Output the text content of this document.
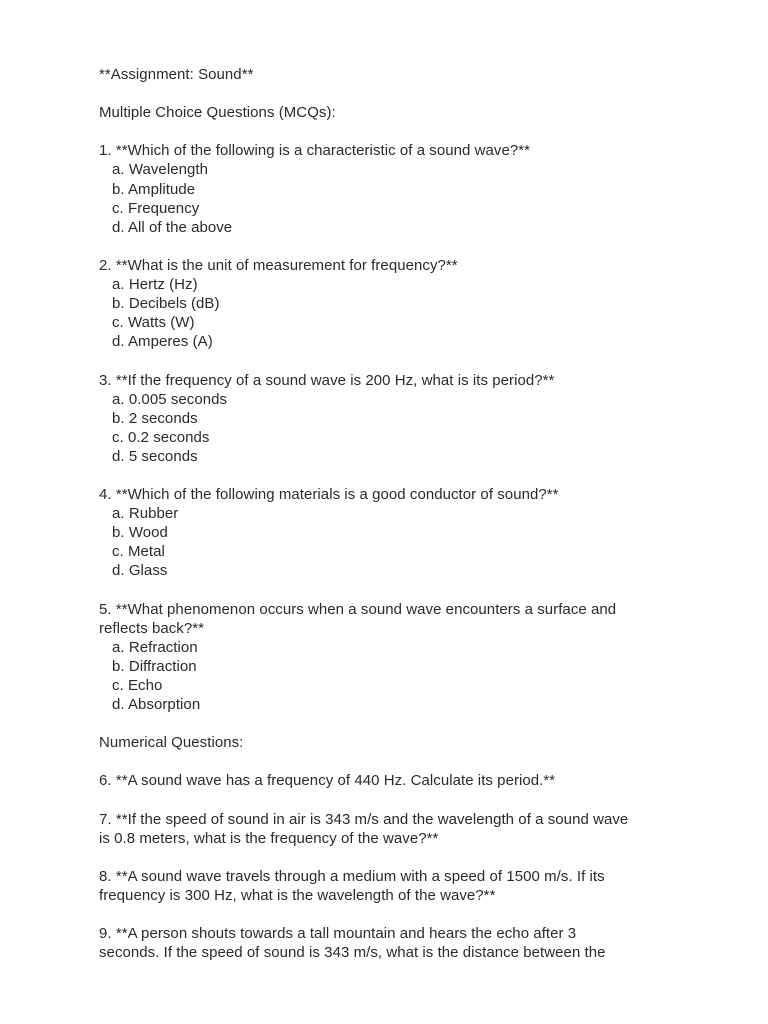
**Assignment: Sound**
Multiple Choice Questions (MCQs):
1. **Which of the following is a characteristic of a sound wave?**
a. Wavelength
b. Amplitude
c. Frequency
d. All of the above
2. **What is the unit of measurement for frequency?**
a. Hertz (Hz)
b. Decibels (dB)
c. Watts (W)
d. Amperes (A)
3. **If the frequency of a sound wave is 200 Hz, what is its period?**
a. 0.005 seconds
b. 2 seconds
c. 0.2 seconds
d. 5 seconds
4. **Which of the following materials is a good conductor of sound?**
a. Rubber
b. Wood
c. Metal
d. Glass
5. **What phenomenon occurs when a sound wave encounters a surface and
reflects back?**
a. Refraction
b. Diffraction
c. Echo
d. Absorption
Numerical Questions:
6. **A sound wave has a frequency of 440 Hz. Calculate its period.**
7. **If the speed of sound in air is 343 m/s and the wavelength of a sound wave
is 0.8 meters, what is the frequency of the wave?**
8. **A sound wave travels through a medium with a speed of 1500 m/s. If its
frequency is 300 Hz, what is the wavelength of the wave?**
9. **A person shouts towards a tall mountain and hears the echo after 3
seconds. If the speed of sound is 343 m/s, what is the distance between the
